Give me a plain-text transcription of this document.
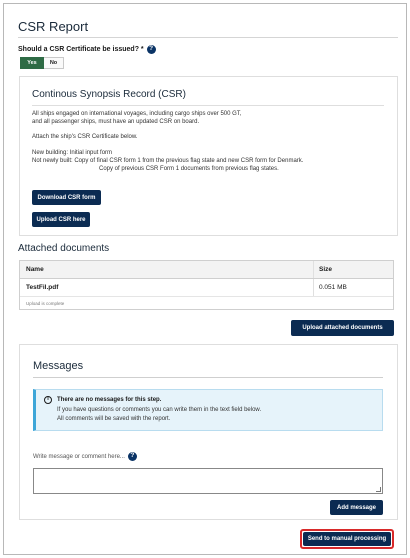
CSR Report
Should a CSR Certificate be issued? * ?
Yes	No
Continous Synopsis Record (CSR)
All ships engaged on international voyages, including cargo ships over 500 GT,
and all passenger ships, must have an updated CSR on board.
Attach the ship's CSR Certificate below.
New building: Initial input form
Not newly built: Copy of final CSR form 1 from the previous flag state and new CSR form for Denmark.
Copy of previous CSR Form 1 documents from previous flag states.
Download CSR form
Upload CSR here
Attached documents
Name	Size
TestFil.pdf	0.051 MB
Upload is complete
Upload attached documents
Messages
i	There are no messages for this step.
If you have questions or comments you can write them in the text field below.
All comments will be saved with the report.
Write message or comment here... ?
Add message
Send to manual processing
